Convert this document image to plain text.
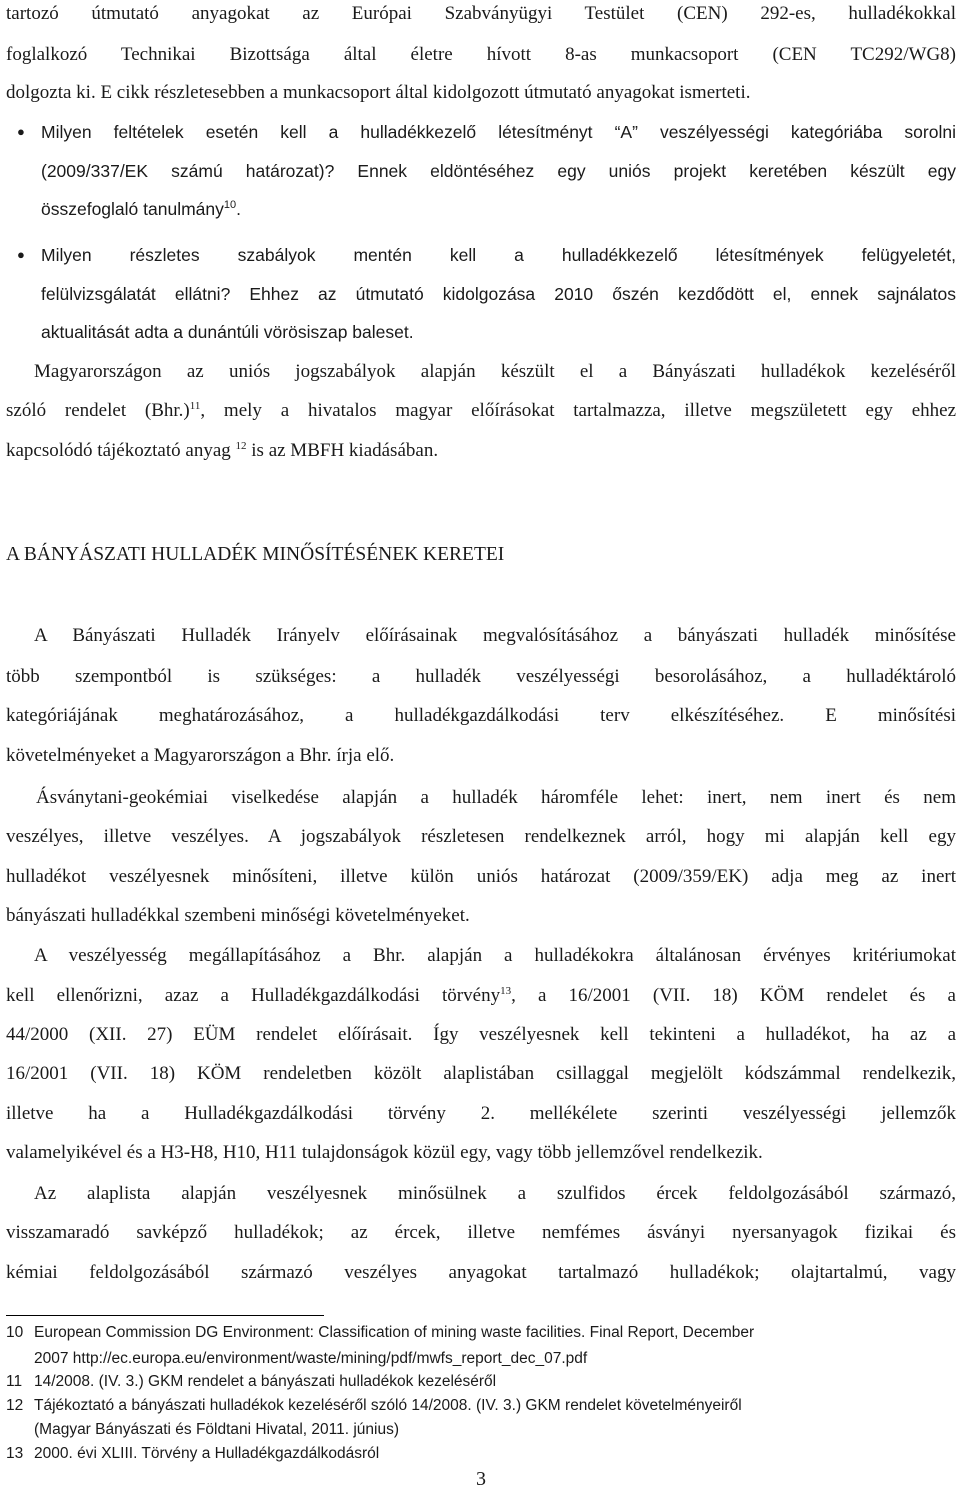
tartozó útmutató anyagokat az Európai Szabványügyi Testület (CEN) 292-es, hulladékokkal
foglalkozó Technikai Bizottsága által életre hívott 8-as munkacsoport (CEN TC292/WG8)
dolgozta ki. E cikk részletesebben a munkacsoport által kidolgozott útmutató anyagokat ismerteti.
● Milyen feltételek esetén kell a hulladékkezelő létesítményt “A” veszélyességi kategóriába sorolni
(2009/337/EK számú határozat)? Ennek eldöntéséhez egy uniós projekt keretében készült egy
összefoglaló tanulmány$^{10}$.
● Milyen részletes szabályok mentén kell a hulladékkezelő létesítmények felügyeletét,
felülvizsgálatát ellátni? Ehhez az útmutató kidolgozása 2010 őszén kezdődött el, ennek sajnálatos
aktualitását adta a dunántúli vörösiszap baleset.
Magyarországon az uniós jogszabályok alapján készült el a Bányászati hulladékok kezeléséről
szóló rendelet $(Bhr.)^{11}$, mely a hivatalos magyar előírásokat tartalmazza, illetve megszületett egy ehhez
kapcsolódó tájékoztató anyag $^{12}$ is az MBFH kiadásában.
A BÁNYÁSZATI HULLADÉK MINŐSÍTÉSÉNEK KERETEI
A Bányászati Hulladék Irányelv előírásainak megvalósításához a bányászati hulladék minősítése
több szempontból is szükséges: a hulladék veszélyességi besorolásához, a hulladéktároló
kategóriájának meghatározásához, a hulladékgazdálkodási terv elkészítéséhez. E minősítési
követelményeket a Magyarországon a Bhr. írja elő.
Ásványtani-geokémiai viselkedése alapján a hulladék háromféle lehet: inert, nem inert és nem
veszélyes, illetve veszélyes. A jogszabályok részletesen rendelkeznek arról, hogy mi alapján kell egy
hulladékot veszélyesnek minősíteni, illetve külön uniós határozat (2009/359/EK) adja meg az inert
bányászati hulladékkal szembeni minőségi követelményeket.
A veszélyesség megállapításához a Bhr. alapján a hulladékokra általánosan érvényes kritériumokat
kell ellenőrizni, azaz a Hulladékgazdálkodási törvény$^{13}$, a 16/2001 (VII. 18) KÖM rendelet és a
44/2000 (XII. 27) EÜM rendelet előírásait. Így veszélyesnek kell tekinteni a hulladékot, ha az a
16/2001 (VII. 18) KÖM rendeletben közölt alaplistában csillaggal megjelölt kódszámmal rendelkezik,
illetve ha a Hulladékgazdálkodási törvény 2. mellékélete szerinti veszélyességi jellemzők
valamelyikével és a H3-H8, H10, H11 tulajdonságok közül egy, vagy több jellemzővel rendelkezik.
Az alaplista alapján veszélyesnek minősülnek a szulfidos ércek feldolgozásából származó,
visszamaradó savképző hulladékok; az ércek, illetve nemfémes ásványi nyersanyagok fizikai és
kémiai feldolgozásából származó veszélyes anyagokat tartalmazó hulladékok; olajtartalmú, vagy
10 European Commission DG Environment: Classification of mining waste facilities. Final Report, December
2007 http://ec.europa.eu/environment/waste/mining/pdf/mwfs_report_dec_07.pdf
11 14/2008. (IV. 3.) GKM rendelet a bányászati hulladékok kezeléséről
12 Tájékoztató a bányászati hulladékok kezeléséről szóló 14/2008. (IV. 3.) GKM rendelet követelményeiről
(Magyar Bányászati és Földtani Hivatal, 2011. június)
13 2000. évi XLIII. Törvény a Hulladékgazdálkodásról
3
